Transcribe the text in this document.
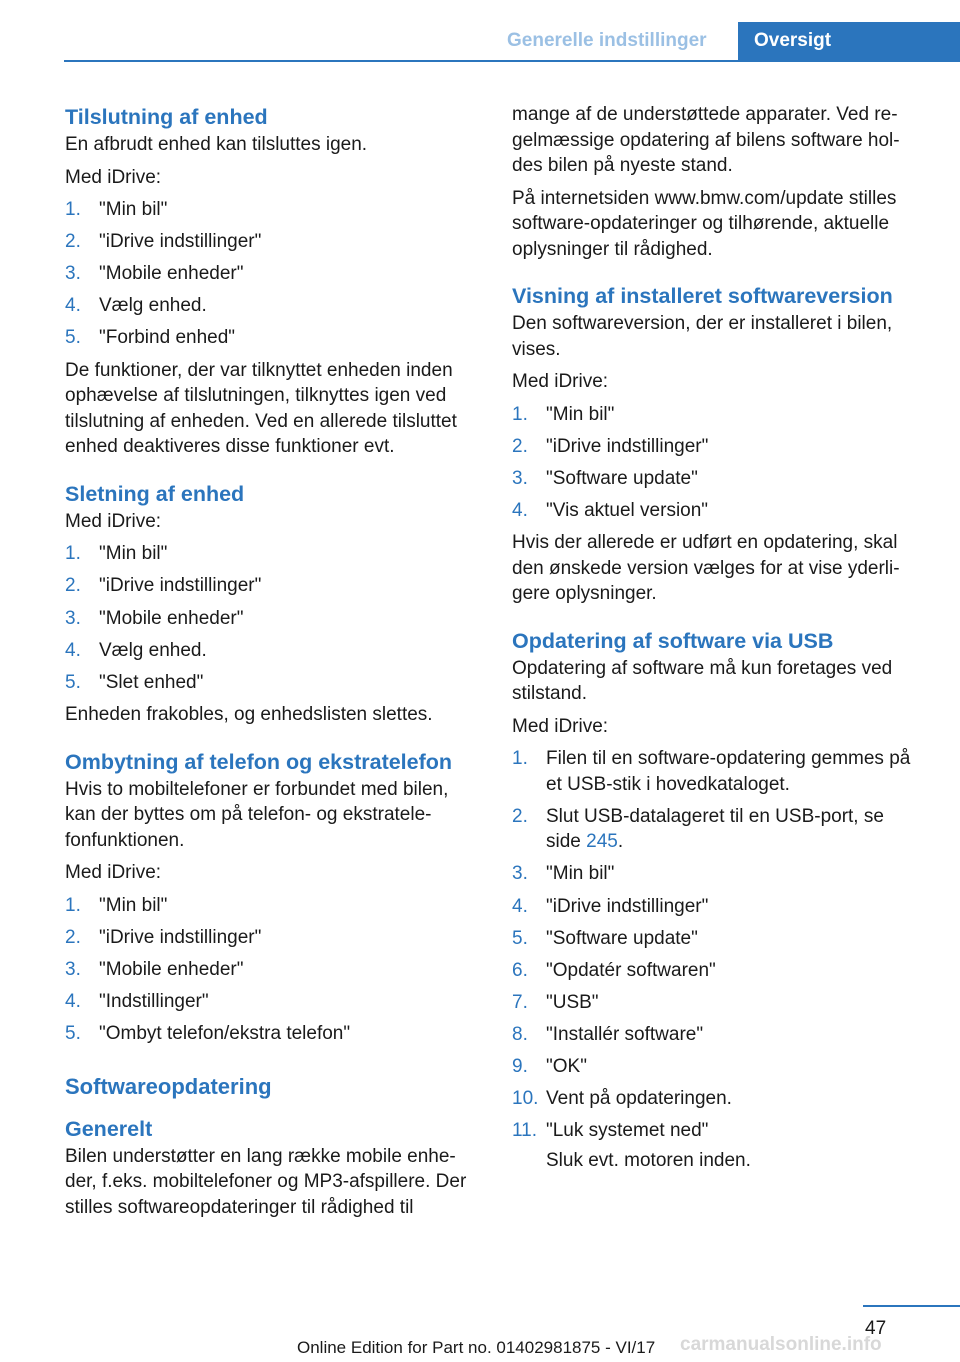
Generelle indstillinger Oversigt
Tilslutning af enhed

En afbrudt enhed kan tilsluttes igen.

Med iDrive:

1. "Min bil"
2. "iDrive indstillinger"
3. "Mobile enheder"
4. Vælg enhed.
5. "Forbind enhed"

De funktioner, der var tilknyttet enheden inden ophævelse af tilslutningen, tilknyttes igen ved tilslutning af enheden. Ved en allerede tilsluttet enhed deaktiveres disse funktioner evt.

Sletning af enhed

Med iDrive:

1. "Min bil"
2. "iDrive indstillinger"
3. "Mobile enheder"
4. Vælg enhed.
5. "Slet enhed"

Enheden frakobles, og enhedslisten slettes.

Ombytning af telefon og ekstratelefon

Hvis to mobiltelefoner er forbundet med bilen, kan der byttes om på telefon- og ekstratele-fonfunktionen.

Med iDrive:

1. "Min bil"
2. "iDrive indstillinger"
3. "Mobile enheder"
4. "Indstillinger"
5. "Ombyt telefon/ekstra telefon"
Softwareopdatering
Generelt

Bilen understøtter en lang række mobile enhe-der, f.eks. mobiltelefoner og MP3-afspillere. Der stilles softwareopdateringer til rådighed til

mange af de understøttede apparater. Ved re-gelmæssige opdatering af bilens software hol-des bilen på nyeste stand.

På internetsiden www.bmw.com/update stilles software-opdateringer og tilhørende, aktuelle oplysninger til rådighed.

Visning af installeret softwareversion

Den softwareversion, der er installeret i bilen, vises.

Med iDrive:

1. "Min bil"
2. "iDrive indstillinger"
3. "Software update"
4. "Vis aktuel version"

Hvis der allerede er udført en opdatering, skal den ønskede version vælges for at vise yderli-gere oplysninger.

Opdatering af software via USB

Opdatering af software må kun foretages ved stilstand.

Med iDrive:

1. Filen til en software-opdatering gemmes på et USB-stik i hovedkataloget.
2. Slut USB-datalageret til en USB-port, se side 245.
3. "Min bil"
4. "iDrive indstillinger"
5. "Software update"
6. "Opdatér softwaren"
7. "USB"
8. "Installér software"
9. "OK"
10. Vent på opdateringen.
11. "Luk systemet ned"
Sluk evt. motoren inden.
47
carmanualsonline.info
Online Edition for Part no. 01402981875 - VI/17
